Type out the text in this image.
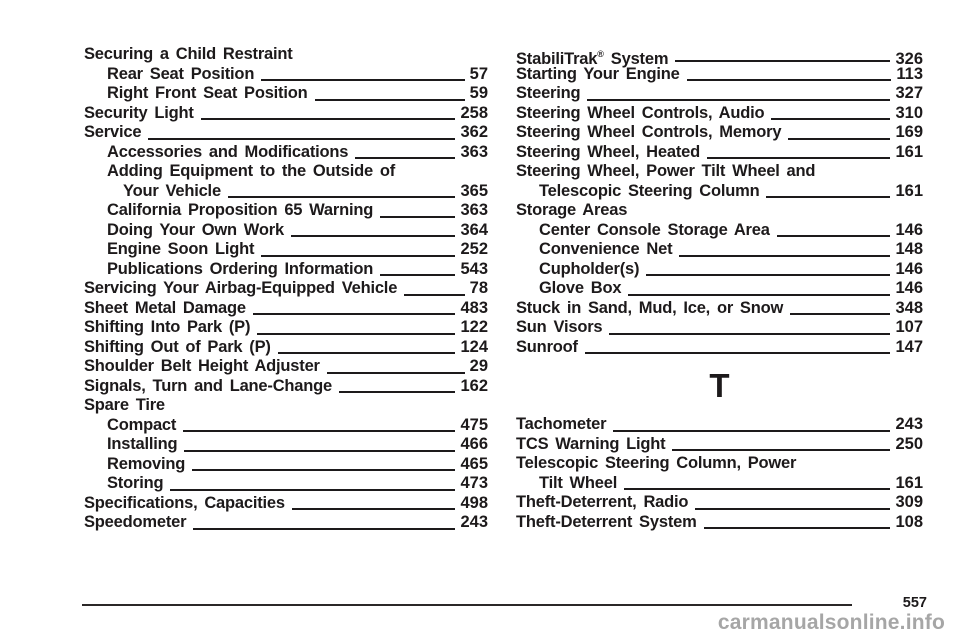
Securing a Child Restraint
Rear Seat Position	57
Right Front Seat Position	59
Security Light	258
Service	362
Accessories and Modifications	363
Adding Equipment to the Outside of
Your Vehicle	365
California Proposition 65 Warning	363
Doing Your Own Work	364
Engine Soon Light	252
Publications Ordering Information	543
Servicing Your Airbag-Equipped Vehicle	78
Sheet Metal Damage	483
Shifting Into Park (P)	122
Shifting Out of Park (P)	124
Shoulder Belt Height Adjuster	29
Signals, Turn and Lane-Change	162
Spare Tire
Compact	475
Installing	466
Removing	465
Storing	473
Specifications, Capacities	498
Speedometer	243
StabiliTrak® System	326
Starting Your Engine	113
Steering	327
Steering Wheel Controls, Audio	310
Steering Wheel Controls, Memory	169
Steering Wheel, Heated	161
Steering Wheel, Power Tilt Wheel and
Telescopic Steering Column	161
Storage Areas
Center Console Storage Area	146
Convenience Net	148
Cupholder(s)	146
Glove Box	146
Stuck in Sand, Mud, Ice, or Snow	348
Sun Visors	107
Sunroof	147
T
Tachometer	243
TCS Warning Light	250
Telescopic Steering Column, Power
Tilt Wheel	161
Theft-Deterrent, Radio	309
Theft-Deterrent System	108
557
carmanualsonline.info
